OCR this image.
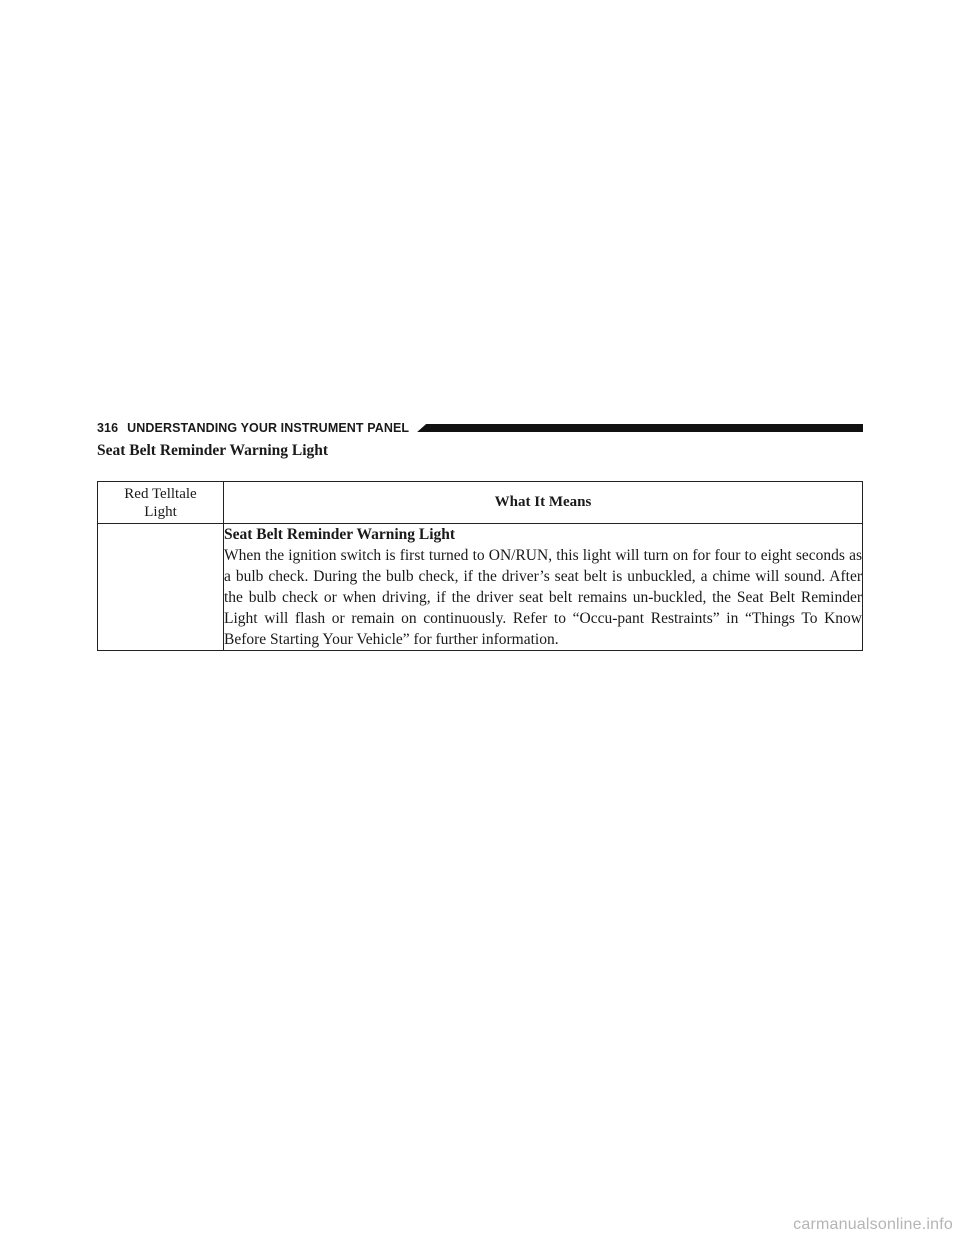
316 UNDERSTANDING YOUR INSTRUMENT PANEL
Seat Belt Reminder Warning Light
Red Telltale
Light	What It Means

	Seat Belt Reminder Warning Light
When the ignition switch is first turned to ON/RUN, this light will turn on for four to eight seconds as a bulb check. During the bulb check, if the driver’s seat belt is unbuckled, a chime will sound. After the bulb check or when driving, if the driver seat belt remains un-buckled, the Seat Belt Reminder Light will flash or remain on continuously. Refer to “Occu-pant Restraints” in “Things To Know Before Starting Your Vehicle” for further information.
carmanualsonline.info
